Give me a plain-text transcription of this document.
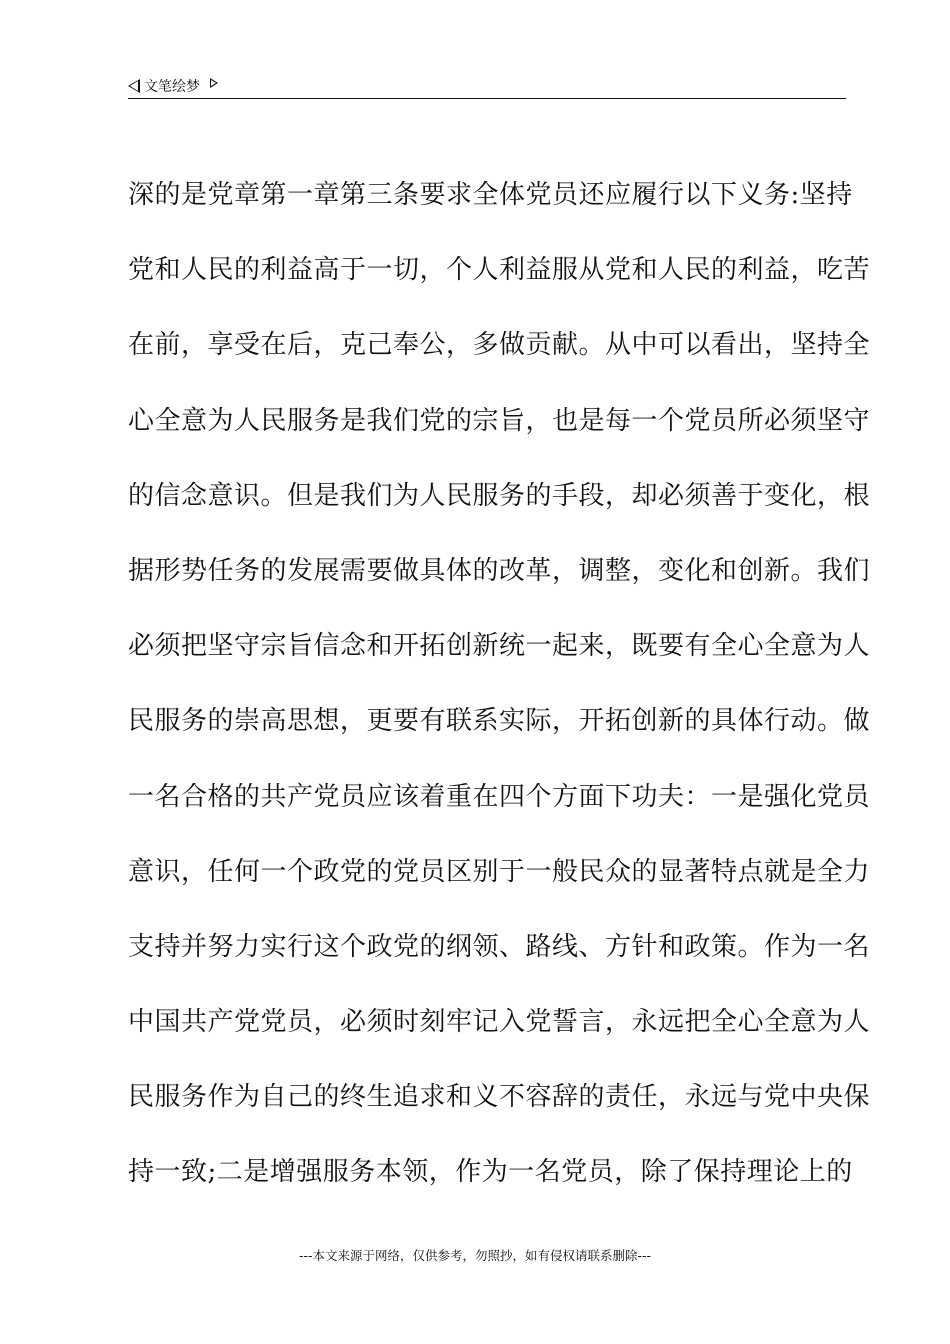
文笔绘梦
深的是党章第一章第三条要求全体党员还应履行以下义务:坚持
党和人民的利益高于一切，个人利益服从党和人民的利益，吃苦
在前，享受在后，克己奉公，多做贡献。从中可以看出，坚持全
心全意为人民服务是我们党的宗旨，也是每一个党员所必须坚守
的信念意识。但是我们为人民服务的手段，却必须善于变化，根
据形势任务的发展需要做具体的改革，调整，变化和创新。我们
必须把坚守宗旨信念和开拓创新统一起来，既要有全心全意为人
民服务的崇高思想，更要有联系实际，开拓创新的具体行动。做
一名合格的共产党员应该着重在四个方面下功夫：一是强化党员
意识，任何一个政党的党员区别于一般民众的显著特点就是全力
支持并努力实行这个政党的纲领、路线、方针和政策。作为一名
中国共产党党员，必须时刻牢记入党誓言，永远把全心全意为人
民服务作为自己的终生追求和义不容辞的责任，永远与党中央保
持一致;二是增强服务本领，作为一名党员，除了保持理论上的
---本文来源于网络，仅供参考，勿照抄，如有侵权请联系删除---
